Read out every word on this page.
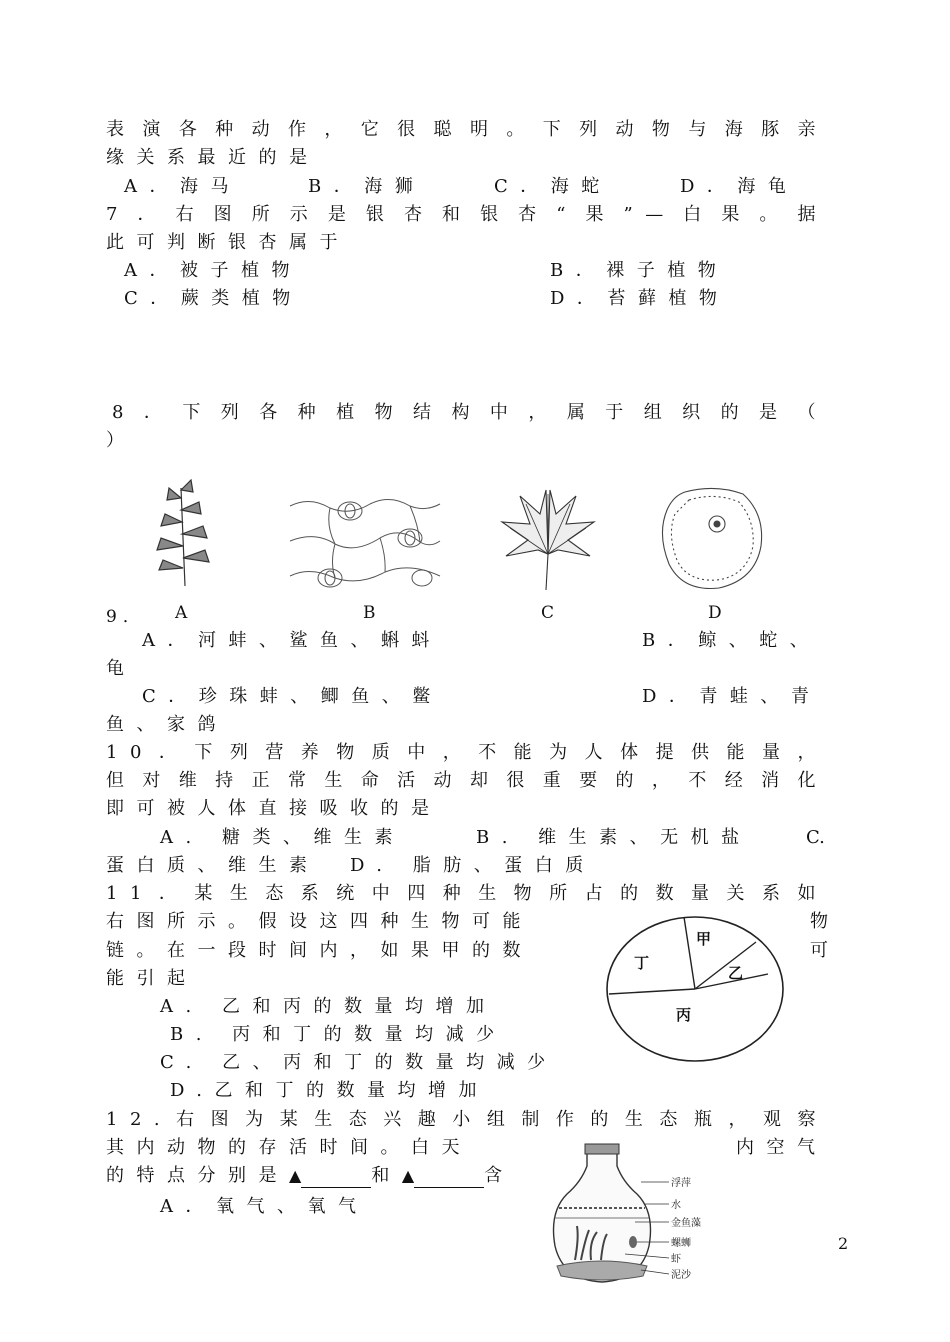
表演各种动作，它很聪明。下列动物与海豚亲
缘关系最近的是
A．海马	B．海狮	C．海蛇	D．海龟
7．右图所示是银杏和银杏“果”—白果。据
此可判断银杏属于
A．被子植物	B．裸子植物
C．蕨类植物	D．苔藓植物
8．下列各种植物结构中，属于组织的是（
）
9． A	B	C	D
A．河蚌、鲨鱼、蝌蚪	B．鲸、蛇、
龟
C．珍珠蚌、鲫鱼、鳖	D．青蛙、青
鱼、家鸽
10．下列营养物质中，不能为人体提供能量，
但对维持正常生命活动却很重要的，不经消化
即可被人体直接吸收的是
A. 糖类、维生素	B. 维生素、无机盐	C.
蛋白质、维生素　D. 脂肪、蛋白质
11．某生态系统中四种生物所占的数量关系如
右图所示。假设这四种生物可能	物
链。在一段时间内，如果甲的数	可
能引起
A. 乙和丙的数量均增加
B. 丙和丁的数量均减少
C. 乙、丙和丁的数量均减少
D.乙和丁的数量均增加
甲
乙
丙
丁
12.右图为某生态兴趣小组制作的生态瓶，观察
其内动物的存活时间。白天	内空气
的特点分别是▲	和▲	含
A．氧气、氧气
浮萍
水
金鱼藻
螺蛳
虾
泥沙
2
